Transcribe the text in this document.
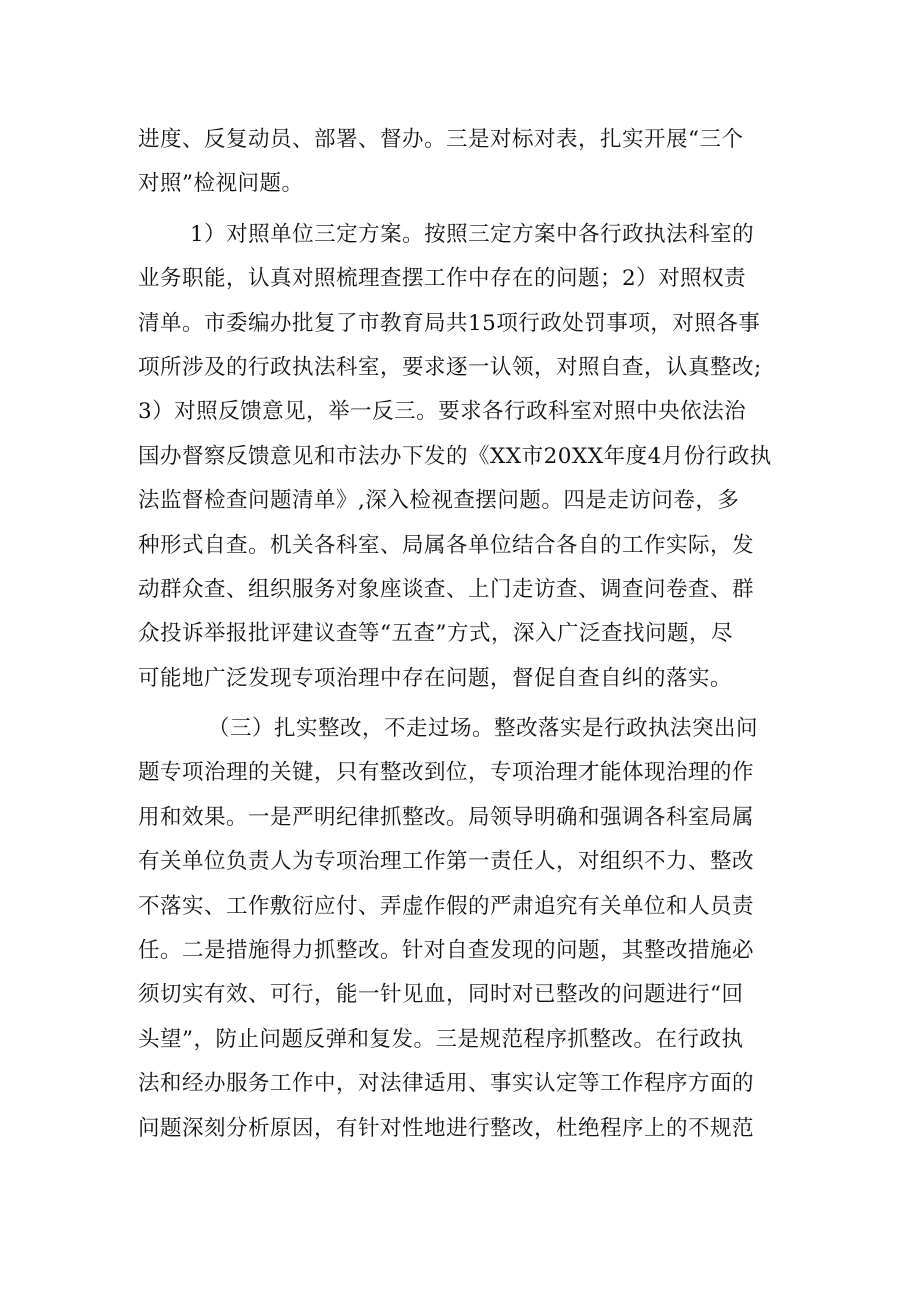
进度、反复动员、部署、督办。三是对标对表，扎实开展“三个
对照”检视问题。
1）对照单位三定方案。按照三定方案中各行政执法科室的
业务职能，认真对照梳理查摆工作中存在的问题；2）对照权责
清单。市委编办批复了市教育局共15项行政处罚事项，对照各事
项所涉及的行政执法科室，要求逐一认领，对照自查，认真整改;
3）对照反馈意见，举一反三。要求各行政科室对照中央依法治
国办督察反馈意见和市法办下发的《XX市20XX年度4月份行政执
法监督检查问题清单》,深入检视查摆问题。四是走访问卷，多
种形式自查。机关各科室、局属各单位结合各自的工作实际，发
动群众查、组织服务对象座谈查、上门走访查、调查问卷查、群
众投诉举报批评建议查等“五查”方式，深入广泛查找问题，尽
可能地广泛发现专项治理中存在问题，督促自查自纠的落实。
（三）扎实整改，不走过场。整改落实是行政执法突出问
题专项治理的关键，只有整改到位，专项治理才能体现治理的作
用和效果。一是严明纪律抓整改。局领导明确和强调各科室局属
有关单位负责人为专项治理工作第一责任人，对组织不力、整改
不落实、工作敷衍应付、弄虚作假的严肃追究有关单位和人员责
任。二是措施得力抓整改。针对自查发现的问题，其整改措施必
须切实有效、可行，能一针见血，同时对已整改的问题进行“回
头望”，防止问题反弹和复发。三是规范程序抓整改。在行政执
法和经办服务工作中，对法律适用、事实认定等工作程序方面的
问题深刻分析原因，有针对性地进行整改，杜绝程序上的不规范
